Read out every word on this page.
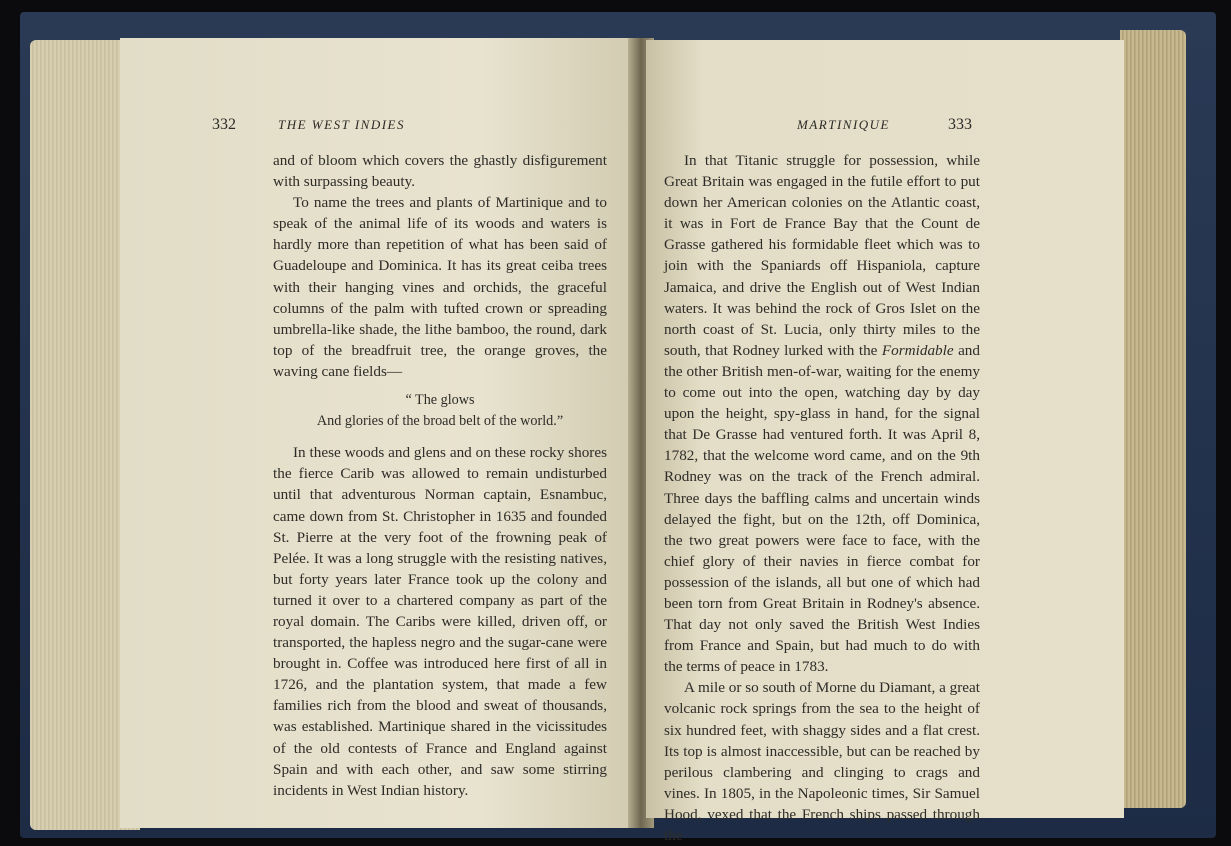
332	THE WEST INDIES

and of bloom which covers the ghastly disfigurement with surpassing beauty.

To name the trees and plants of Martinique and to speak of the animal life of its woods and waters is hardly more than repetition of what has been said of Guadeloupe and Dominica. It has its great ceiba trees with their hanging vines and orchids, the graceful columns of the palm with tufted crown or spreading umbrella-like shade, the lithe bamboo, the round, dark top of the breadfruit tree, the orange groves, the waving cane fields—

“ The glows
And glories of the broad belt of the world.”

In these woods and glens and on these rocky shores the fierce Carib was allowed to remain undisturbed until that adventurous Norman captain, Esnambuc, came down from St. Christopher in 1635 and founded St. Pierre at the very foot of the frowning peak of Pelée. It was a long struggle with the resisting natives, but forty years later France took up the colony and turned it over to a chartered company as part of the royal domain. The Caribs were killed, driven off, or transported, the hapless negro and the sugar-cane were brought in. Coffee was introduced here first of all in 1726, and the plantation system, that made a few families rich from the blood and sweat of thousands, was established. Martinique shared in the vicissitudes of the old contests of France and England against Spain and with each other, and saw some stirring incidents in West Indian history.

MARTINIQUE	333

In that Titanic struggle for possession, while Great Britain was engaged in the futile effort to put down her American colonies on the Atlantic coast, it was in Fort de France Bay that the Count de Grasse gathered his formidable fleet which was to join with the Spaniards off Hispaniola, capture Jamaica, and drive the English out of West Indian waters. It was behind the rock of Gros Islet on the north coast of St. Lucia, only thirty miles to the south, that Rodney lurked with the Formidable and the other British men-of-war, waiting for the enemy to come out into the open, watching day by day upon the height, spy-glass in hand, for the signal that De Grasse had ventured forth. It was April 8, 1782, that the welcome word came, and on the 9th Rodney was on the track of the French admiral. Three days the baffling calms and uncertain winds delayed the fight, but on the 12th, off Dominica, the two great powers were face to face, with the chief glory of their navies in fierce combat for possession of the islands, all but one of which had been torn from Great Britain in Rodney's absence. That day not only saved the British West Indies from France and Spain, but had much to do with the terms of peace in 1783.

A mile or so south of Morne du Diamant, a great volcanic rock springs from the sea to the height of six hundred feet, with shaggy sides and a flat crest. Its top is almost inaccessible, but can be reached by perilous clambering and clinging to crags and vines. In 1805, in the Napoleonic times, Sir Samuel Hood, vexed that the French ships passed through the
